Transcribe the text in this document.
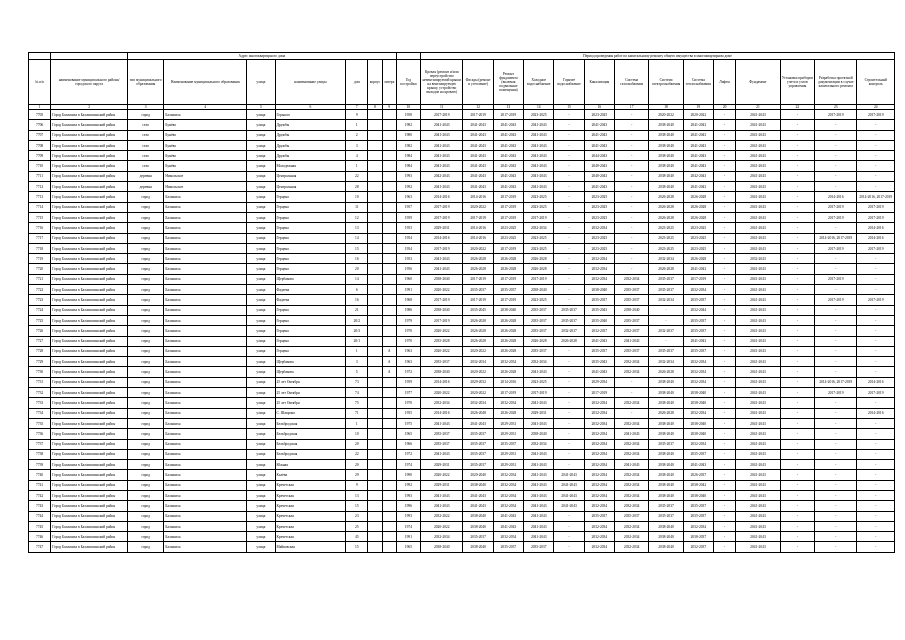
		Адрес многоквартирного дома								Период проведения работ по капитальному ремонту общего имущества в многоквартирном доме													
№ п/п	наименование муниципального района/городского округа	тип муниципального образования	Наименование муниципального образования	улица	наименование улицы	дом	корпус	литера	Год постройки	Кровля (ремонт и/или переустройство невентилируемой крыши на вентилируемую крышу, устройство выходов на кровлю)	Фасады (ремонт и утепление)	Ремонт фундамента (включая подвальные помещения)	Холодное водоснабжение	Горячее водоснабжение	Канализация	Система газоснабжения	Система электроснабжения	Система теплоснабжения	Лифты	Фундамент	Установка приборов учета и узлов управления	Разработка проектной документации в случае капитального ремонта	Строительный контроль
1	2	3	4	5	6	7	8	9	10	11	12	13	14	15	16	17	18	19	20	21	22	23	24
7705	Город Балашиха в Балашихинский район	город	Балашиха	улица	Горького	9			1958	2017-2019	2017-2019	2017-2019	2023-2025	-	2023-2025	-	2020-2022	2020-2022	-	2041-2043	-	2017-2019	2017-2019
7706	Город Балашиха в Балашихинский район	село	Бунёво	улица	Дружбы	1			1982	2041-2043	2041-2043	2041-2043	2041-2043	-	2041-2043	-	2038-2040	2041-2043	-	2041-2043	-	-	-
7707	Город Балашиха в Балашихинский район	село	Бунёво	улица	Дружбы	2			1980	2041-2043	2041-2043	2041-2043	2041-2043	-	2041-2043	-	2038-2040	2041-2043	-	2041-2043	-	-	-
7708	Город Балашиха в Балашихинский район	село	Бунёво	улица	Дружбы	3			1982	2041-2043	2041-2043	2041-2043	2041-2043	-	2041-2043	-	2038-2040	2041-2043	-	2041-2043	-	-	-
7709	Город Балашиха в Балашихинский район	село	Бунёво	улица	Дружбы	4			1984	2041-2043	2041-2043	2041-2043	2041-2043	-	2044-2043	-	2038-2040	2041-2043	-	2041-2043	-	-	-
7710	Город Балашиха в Балашихинский район	село	Бунёво	улица	Молодежная	1			1984	2041-2043	2041-2043	2041-2043	2041-2043	-	2040-2043	-	2038-2040	2041-2043	-	2041-2043	-	-	-
7711	Город Балашиха в Балашихинский район	деревня	Никольское	улица	Центральная	22			1993	2042-2043	2041-2043	2041-2043	2041-2043	-	2040-2043	-	2038-2040	2042-2043	-	2041-2043	-	-	-
7712	Город Балашиха в Балашихинский район	деревня	Никольское	улица	Центральная	28			1992	2041-2043	2041-2043	2041-2043	2041-2043	-	2041-2043	-	2038-2040	2041-2043	-	2041-2043	-	-	-
7713	Город Балашиха в Балашихинский район	город	Балашиха	улица	Герцена	10			1963	2014-2016	2014-2016	2017-2019	2023-2025	-	2023-2025	-	2026-2028	2026-2028	-	2041-2043	-	2014-2016	2014-2016, 2017-2019
7714	Город Балашиха в Балашихинский район	город	Балашиха	улица	Герцена	11			1957	2017-2019	2020-2022	2017-2019	2023-2025	-	2023-2025	-	2026-2028	2026-2028	-	2041-2043	-	2017-2019	2017-2019
7715	Город Балашиха в Балашихинский район	город	Балашиха	улица	Герцена	12			1959	2017-2019	2017-2019	2017-2019	2017-2019	-	2023-2025	-	2026-2028	2026-2028	-	2041-2043	-	2017-2019	2017-2019
7716	Город Балашиха в Балашихинский район	город	Балашиха	улица	Герцена	13			1953	2029-2031	2014-2016	2023-2025	2032-2034	-	2032-2034	-	2023-2025	2023-2025	-	2041-2043	-	-	2014-2016
7717	Город Балашиха в Балашихинский район	город	Балашиха	улица	Герцена	14			1954	2014-2016	2014-2016	2023-2025	2023-2025	-	2023-2025	-	2023-2025	2023-2025	-	2041-2043	-	2014-2016, 2017-2019	2014-2016
7718	Город Балашиха в Балашихинский район	город	Балашиха	улица	Герцена	15			1954	2017-2019	2020-2022	2017-2019	2023-2025	-	2023-2025	-	2023-2025	2023-2025	-	2041-2043	-	2017-2019	2017-2019
7719	Город Балашиха в Балашихинский район	город	Балашиха	улица	Герцена	16			1953	2041-2043	2026-2028	2026-2028	2026-2028	-	2032-2034	-	2032-2034	2026-2028	-	2032-2043	-	-	-
7720	Город Балашиха в Балашихинский район	город	Балашиха	улица	Герцена	20			1956	2041-2043	2026-2028	2026-2028	2026-2028	-	2032-2034	-	2026-2028	2041-2043	-	2041-2043	-	-	-
7721	Город Балашиха в Балашихинский район	город	Балашиха	улица	Щербакова	14			1960	2038-2040	2017-2019	2017-2019	2017-2019	-	2032-2034	2032-2034	2035-2037	2017-2019	-	2041-2043	-	2017-2019	-
7722	Город Балашиха в Балашихинский район	город	Балашиха	улица	Фадеева	6			1991	2020-2022	2035-2037	2035-2037	2038-2040	-	2038-2040	2035-2037	2035-2037	2032-2034	-	2041-2043	-	-	-
7723	Город Балашиха в Балашихинский район	город	Балашиха	улица	Фадеева	16			1968	2017-2019	2017-2019	2017-2019	2023-2025	-	2035-2037	2035-2037	2032-2034	2035-2037	-	2041-2043	-	2017-2019	2017-2019
7724	Город Балашиха в Балашихинский район	город	Балашиха	улица	Герцена	21			1986	2038-2040	2035-2045	2038-2040	2035-2037	2035-2037	2035-2043	2038-2040	-	2032-2044	-	2041-2043	-	-	-
7725	Город Балашиха в Балашихинский район	город	Балашиха	улица	Герцена	20/2			1979	2017-2019	2026-2028	2026-2028	2035-2037	2035-2037	2035-2040	2035-2037	-	2035-2037	-	2041-2043	-	-	-
7726	Город Балашиха в Балашихинский район	город	Балашиха	улица	Герцена	20/3			1970	2020-2022	2026-2028	2026-2028	2035-2037	2032-2037	2032-2037	2032-2037	2032-2037	2035-2037	-	2041-2043	-	-	-
7727	Город Балашиха в Балашихинский район	город	Балашиха	улица	Герцена	20/1			1970	2035-2028	2026-2028	2026-2028	2026-2028	2026-2028	2041-2043	2041-2043	-	2041-2043	-	2041-2043	-	-	-
7728	Город Балашиха в Балашихинский район	город	Балашиха	улица	Герцена	1		А	1963	2020-2022	2020-2022	2026-2028	2035-2037	-	2035-2037	2035-2037	2035-2037	2035-2037	-	2041-2043	-	-	-
7729	Город Балашиха в Балашихинский район	город	Балашиха	улица	Щербакова	3		А	1963	2035-2037	2032-2034	2032-2034	2032-2034	-	2035-2043	2032-2034	2032-2034	2032-2034	-	2041-2043	-	-	-
7730	Город Балашиха в Балашихинский район	город	Балашиха	улица	Щербакова	5		А	1972	2038-2040	2020-2022	2026-2028	2041-2043	-	2041-2043	2032-2034	2026-2028	2032-2034	-	2041-2043	-	-	-
7731	Город Балашиха в Балашихинский район	город	Балашиха	улица	25 лет Октября	73			1959	2014-2016	2029-2032	2014-2016	2023-2025	-	2029-2034	-	2038-2040	2032-2034	-	2041-2043	-	2014-2016, 2017-2019	2014-2016
7732	Город Балашиха в Балашихинский район	город	Балашиха	улица	25 лет Октября	74			1977	2020-2022	2020-2022	2017-2019	2017-2019	-	2017-2019	-	2038-2040	2038-2040	-	2041-2043	-	2017-2019	2017-2019
7733	Город Балашиха в Балашихинский район	город	Балашиха	улица	25 лет Октября	75			1970	2032-2034	2032-2034	2032-2034	2041-2043	-	2032-2034	2032-2034	2038-2040	2038-2040	-	2041-2043	-	-	-
7734	Город Балашиха в Балашихинский район	город	Балашиха	улица	С. Шапроно	71			1955	2014-2016	2026-2048	2026-2028	2029-2031	-	2032-2034	-	2026-2028	2032-2034	-	2041-2043	-	-	2014-2016
7735	Город Балашиха в Балашихинский район	город	Балашиха	улица	Бельбродская	1			1975	2041-2043	2041-2043	2029-2031	2041-2043	-	2032-2034	2032-2034	2038-2040	2038-2040	-	2041-2043	-	-	-
7736	Город Балашиха в Балашихинский район	город	Балашиха	улица	Бельбродская	10			1965	2035-2037	2035-2037	2029-2031	2038-2040	-	2032-2034	2041-2043	2038-2040	2038-2040	-	2041-2043	-	-	-
7737	Город Балашиха в Балашихинский район	город	Балашиха	улица	Бельбродская	20			1966	2035-2037	2035-2037	2035-2037	2032-2034	-	2032-2034	2032-2034	2035-2037	2032-2034	-	2041-2043	-	-	-
7738	Город Балашиха в Балашихинский район	город	Балашиха	улица	Бельбродская	22			1972	2041-2043	2035-2037	2029-2031	2041-2043	-	2032-2034	2032-2034	2038-2040	2035-2037	-	2041-2043	-	-	-
7739	Город Балашиха в Балашихинский район	город	Балашиха	улица	Южная	20			1974	2029-2031	2035-2037	2029-2031	2041-2043	-	2032-2034	2041-2043	2038-2040	2041-2043	-	2041-2043	-	-	-
7740	Город Балашиха в Балашихинский район	город	Балашиха	улица	Калёва	29			1990	2020-2022	2020-2040	2032-2034	2041-2043	2041-2043	2032-2034	2032-2034	2038-2040	2026-2037	-	2041-2043	-	-	-
7741	Город Балашиха в Балашихинский район	город	Балашиха	улица	Кречетская	9			1992	2029-2031	2038-2040	2032-2034	2041-2043	2041-2043	2032-2034	2032-2034	2038-2040	2038-2042	-	2041-2043	-	-	-
7742	Город Балашиха в Балашихинский район	город	Балашиха	улица	Кречетская	13			1993	2041-2043	2041-2043	2032-2034	2041-2043	2041-2043	2032-2034	2032-2034	2038-2040	2038-2040	-	2041-2043	-	-	-
7743	Город Балашиха в Балашихинский район	город	Балашиха	улица	Кречетская	15			1996	2041-2043	2041-2043	2032-2034	2041-2043	2041-2043	2032-2034	2032-2034	2035-2037	2035-2037	-	2041-2043	-	-	-
7744	Город Балашиха в Балашихинский район	город	Балашиха	улица	Кречетская	23			1993	2032-2022	2038-2040	2041-2043	2041-2043	-	2035-2037	2035-2037	2035-2037	2035-2037	-	2041-2043	-	-	-
7745	Город Балашиха в Балашихинский район	город	Балашиха	улица	Кречетская	25			1974	2020-2022	2038-2040	2041-2043	2041-2043	-	2032-2034	2032-2034	2038-2040	2032-2034	-	2041-2043	-	-	-
7746	Город Балашиха в Балашихинский район	город	Балашиха	улица	Кречетская	45			1991	2032-2034	2035-2037	2032-2034	2041-2043	-	2032-2034	2032-2034	2038-2040	2038-2037	-	2041-2043	-	-	-
7747	Город Балашиха в Балашихинский район	город	Балашиха	улица	Майковская	15			1965	2038-2040	2038-2040	2035-2037	2035-2037	-	2032-2034	2032-2034	2038-2040	2032-2037	-	2041-2043	-	-	-
